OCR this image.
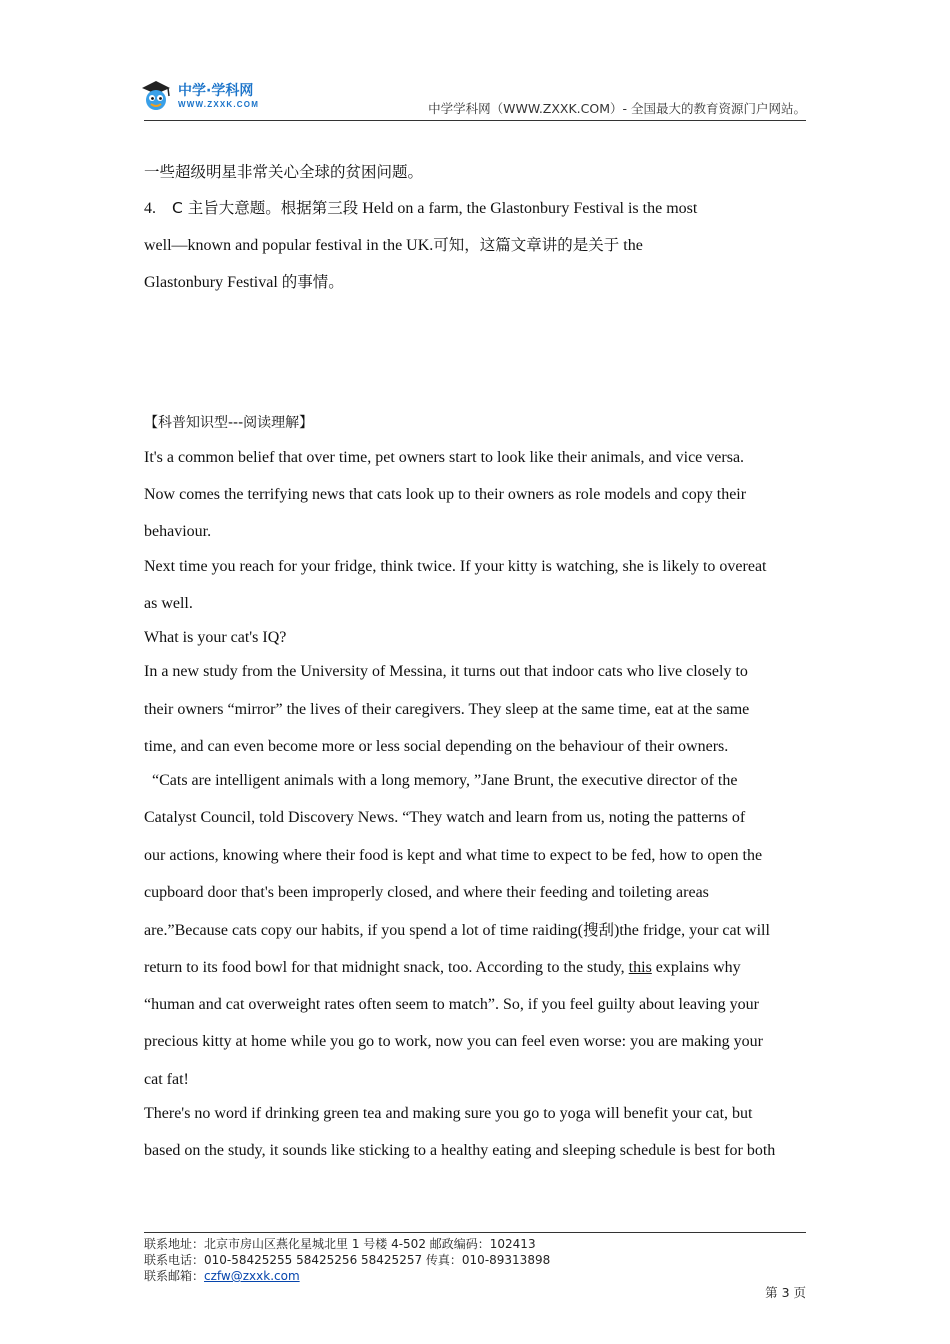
中学·学科网
WWW.ZXXK.COM	中学学科网（WWW.ZXXK.COM）- 全国最大的教育资源门户网站。
一些超级明星非常关心全球的贫困问题。
4. C 主旨大意题。根据第三段 Held on a farm, the Glastonbury Festival is the most
well—known and popular festival in the UK.可知，这篇文章讲的是关于 the
Glastonbury Festival 的事情。
【科普知识型---阅读理解】
It's a common belief that over time, pet owners start to look like their animals, and vice versa.
Now comes the terrifying news that cats look up to their owners as role models and copy their
behaviour.
Next time you reach for your fridge, think twice. If your kitty is watching, she is likely to overeat
as well.
What is your cat's IQ?
In a new study from the University of Messina, it turns out that indoor cats who live closely to
their owners “mirror” the lives of their caregivers. They sleep at the same time, eat at the same
time, and can even become more or less social depending on the behaviour of their owners.
“Cats are intelligent animals with a long memory, ”Jane Brunt, the executive director of the
Catalyst Council, told Discovery News. “They watch and learn from us, noting the patterns of
our actions, knowing where their food is kept and what time to expect to be fed, how to open the
cupboard door that's been improperly closed, and where their feeding and toileting areas
are.”Because cats copy our habits, if you spend a lot of time raiding(搜刮)the fridge, your cat will
return to its food bowl for that midnight snack, too. According to the study, this explains why
“human and cat overweight rates often seem to match”. So, if you feel guilty about leaving your
precious kitty at home while you go to work, now you can feel even worse: you are making your
cat fat!
There's no word if drinking green tea and making sure you go to yoga will benefit your cat, but
based on the study, it sounds like sticking to a healthy eating and sleeping schedule is best for both
联系地址：北京市房山区燕化星城北里 1 号楼 4-502 邮政编码：102413
联系电话：010-58425255 58425256 58425257 传真：010-89313898
联系邮箱：czfw@zxxk.com
第 3 页
